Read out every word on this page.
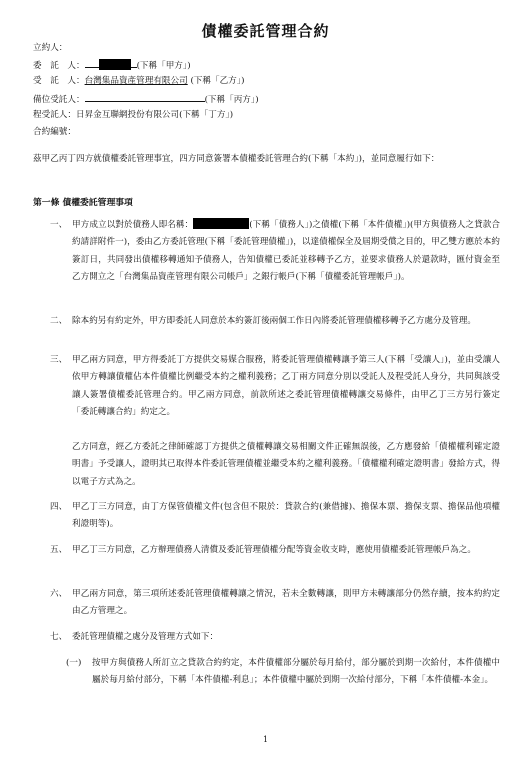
債權委託管理合約
立約人：
委　託　人：	(下稱「甲方」)
受　託　人：台灣集品資產管理有限公司 (下稱「乙方」)
備位受託人：	(下稱「丙方」)
程受託人：日昇金互聯網投份有限公司(下稱「丁方」)
合約編號：
茲甲乙丙丁四方就債權委託管理事宜，四方同意簽署本債權委託管理合約(下稱「本約」)，並同意履行如下：
第一條 債權委託管理事項
一、 甲方成立以對於債務人即名稱：	(下稱「債務人」)之債權(下稱「本件債權」)(甲方與債務人之貸款合約請詳附件一)，委由乙方委託管理(下稱「委託管理債權」)，以達債權保全及屆期受償之目的，甲乙雙方應於本約簽訂日，共同發出債權移轉通知予債務人，告知債權已委託並移轉予乙方，並要求債務人於還款時，匯付資金至乙方開立之「台灣集品資產管理有限公司帳戶」之銀行帳戶(下稱「債權委託管理帳戶」)。
二、 除本約另有約定外，甲方即委託人同意於本約簽訂後兩個工作日內將委託管理債權移轉予乙方處分及管理。
三、 甲乙兩方同意，甲方得委託丁方提供交易媒合服務，將委託管理債權轉讓予第三人(下稱「受讓人」)，並由受讓人依甲方轉讓債權佔本件債權比例繼受本約之權利義務；乙丁兩方同意分別以受託人及程受託人身分，共同與該受讓人簽署債權委託管理合約。甲乙兩方同意，前款所述之委託管理債權轉讓交易條件，由甲乙丁三方另行簽定「委託轉讓合約」約定之。
乙方同意，經乙方委託之律師確認丁方提供之債權轉讓交易相關文件正確無誤後，乙方應發給「債權權利確定證明書」予受讓人，證明其已取得本件委託管理債權並繼受本約之權利義務。「債權權利確定證明書」發給方式，得以電子方式為之。
四、 甲乙丁三方同意，由丁方保管債權文件(包含但不限於：貸款合約(兼借據)、擔保本票、擔保支票、擔保品他項權利證明等)。
五、 甲乙丁三方同意，乙方辦理債務人清償及委託管理債權分配等資金收支時，應使用債權委託管理帳戶為之。
六、 甲乙兩方同意，第三項所述委託管理債權轉讓之情況，若未全數轉讓，則甲方未轉讓部分仍然存續，按本約約定由乙方管理之。
七、 委託管理債權之處分及管理方式如下：
(一) 按甲方與債務人所訂立之貸款合約約定，本件債權部分屬於每月給付，部分屬於到期一次給付，本件債權中屬於每月給付部分，下稱「本件債權-利息」；本件債權中屬於到期一次給付部分，下稱「本件債權-本金」。
1
